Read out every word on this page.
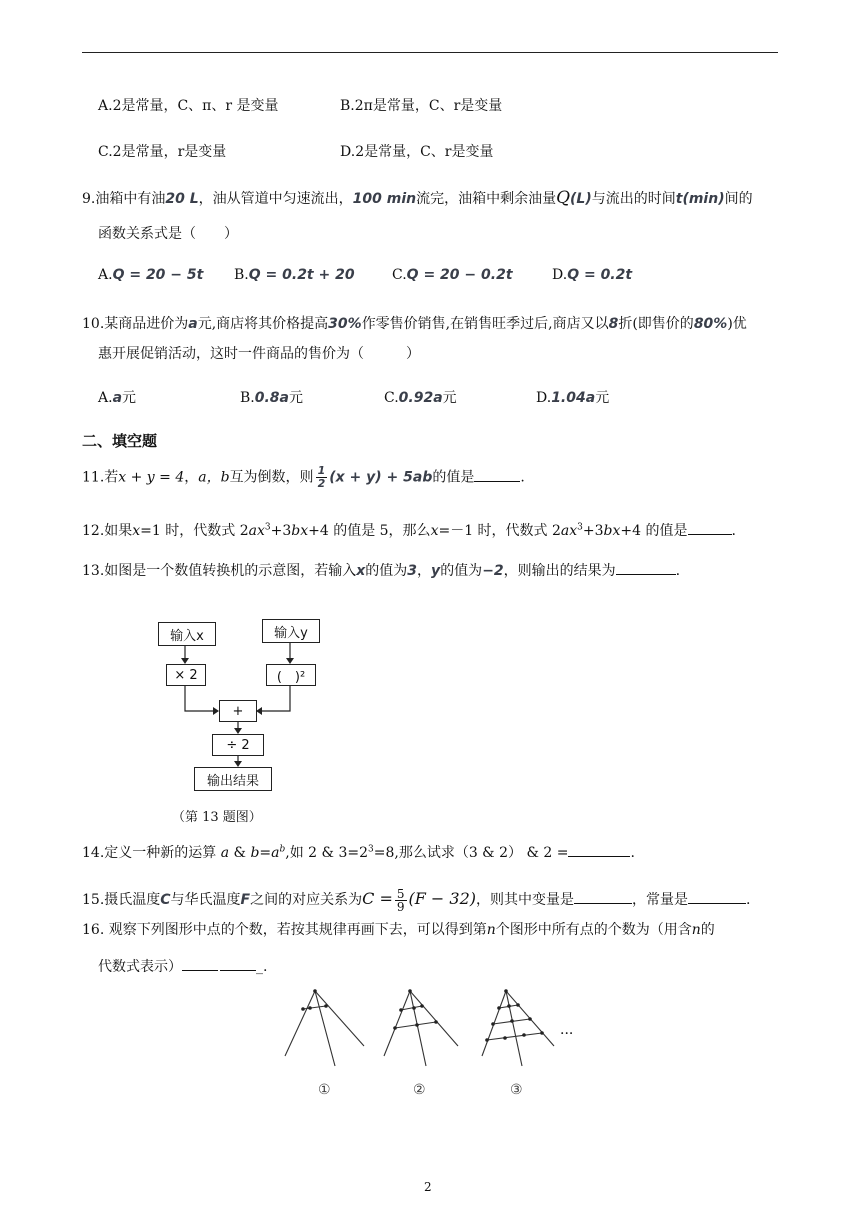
A.2是常量，C、π、r 是变量	B.2π是常量，C、r是变量
C.2是常量，r是变量	D.2是常量，C、r是变量
9.油箱中有油20 L，油从管道中匀速流出，100 min流完，油箱中剩余油量Q(L)与流出的时间t(min)间的
函数关系式是（　　）
A.Q = 20 − 5t B.Q = 0.2t + 20	C.Q = 20 − 0.2t	D.Q = 0.2t
10.某商品进价为a元,商店将其价格提高30%作零售价销售,在销售旺季过后,商店又以8折(即售价的80%)优
惠开展促销活动，这时一件商品的售价为（　　　）
A.a元	B.0.8a元	C.0.92a元	D.1.04a元
二、填空题
11.若x + y = 4，a，b互为倒数，则 $\frac{1}{2} (x + y) + 5ab$的值是	.
12.如果x=1 时，代数式 $2ax^3+3bx+4$ 的值是 5，那么x=－1 时，代数式 $2ax^3+3bx+4$ 的值是	.
13.如图是一个数值转换机的示意图，若输入x的值为3，y的值为−2，则输出的结果为	.
输入x	输入y
× 2	(　)²
+
÷ 2
输出结果
（第 13 题图）
14.定义一种新的运算 a & $b=a^b$,如 2 & $3=2^3=8$,那么试求（3 & 2） & 2 =	.
15.摄氏温度C与华氏温度F之间的对应关系为$C = \frac{5}{9} (F - 32)$，则其中变量是	，常量是	.
16. 观察下列图形中点的个数，若按其规律再画下去，可以得到第n个图形中所有点的个数为（用含n的
代数式表示）	_.
···
①	②	③
2
